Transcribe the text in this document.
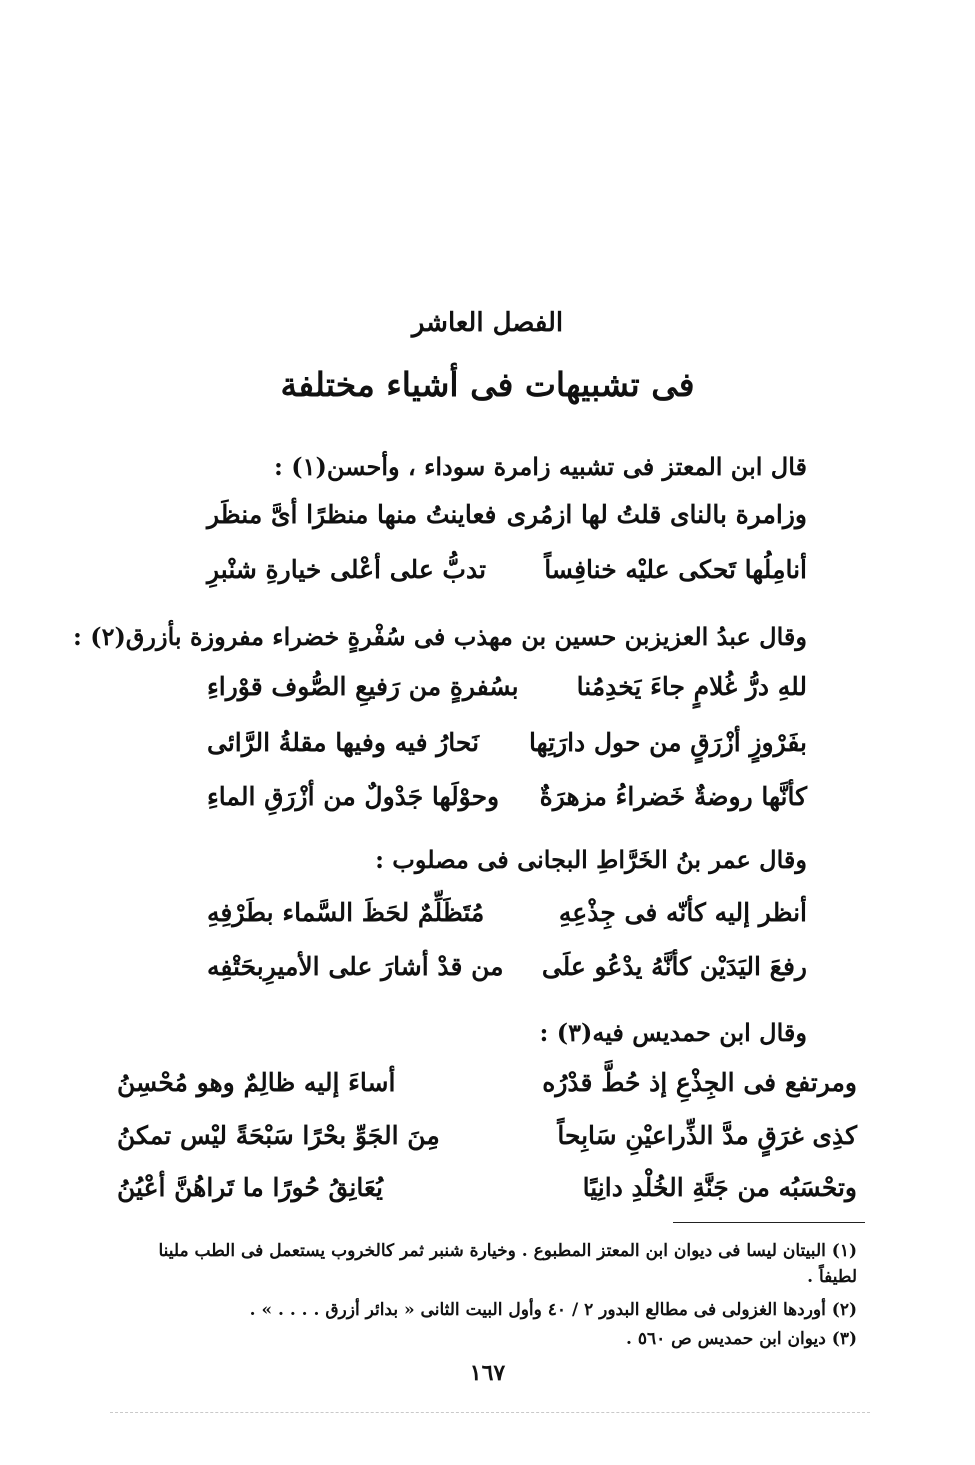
الفصل العاشر
فى تشبيهات فى أشياء مختلفة
قال ابن المعتز فى تشبيه زامرة سوداء ، وأحسن(١) :
وزامرة بالناى قلتُ لها ازمُرى
فعاينتُ منها منظرًا أىَّ منظَر
أنامِلُها تَحكى عليْه خنافِساً
تدبُّ على أعْلى خيارةِ شنْبرِ
وقال عبدُ العزيزبن حسين بن مهذب فى سُفْرةٍ خضراء مفروزة بأزرق(٢) :
للهِ درُّ غُلامٍ جاءَ يَخدِمُنا
بسُفرةٍ من رَفيعِ الصُّوف قوْراءِ
بفَرْوزٍ أزْرَقٍ من حول دارَتِها
نَحارُ فيه وفيها مقلةُ الرَّائى
كأنَّها روضةٌ خَضراءُ مزهرَةٌ
وحوْلَها جَدْولٌ من أزْرَقِ الماءِ
وقال عمر بنُ الخَرَّاطِ البجانى فى مصلوب :
أنظر إليه كأنّه فى جِذْعِهِ
مُتَظَلِّمٌ لحَظَ السَّماء بطَرْفِهِ
رفعَ اليَدَيْن كأنَّهُ يدْعُو علَى
من قدْ أشارَ على الأميرِبحَتْفِه
وقال ابن حمديس فيه(٣) :
ومرتفع فى الجِذْعِ إذ حُطَّ قدْرُه
أساءَ إليه ظالِمٌ وهو مُحْسِنُ
كذِى غرَقٍ مدَّ الذِّراعيْنِ سَابِحاً
مِنَ الجَوِّ بحْرًا سَبْحَةً ليْس تمكنُ
وتحْسَبُه من جَنَّةِ الخُلْدِ دانِيًا
يُعَانِقُ حُورًا ما تَراهُنَّ أعْيُنُ
(١) البيتان ليسا فى ديوان ابن المعتز المطبوع . وخيارة شنبر ثمر كالخروب يستعمل فى الطب ملينا لطيفاً .
(٢) أوردها الغزولى فى مطالع البدور ٢ / ٤٠ وأول البيت الثانى « بدائر أزرق . . . . » .
(٣) ديوان ابن حمديس ص ٥٦٠ .
١٦٧
